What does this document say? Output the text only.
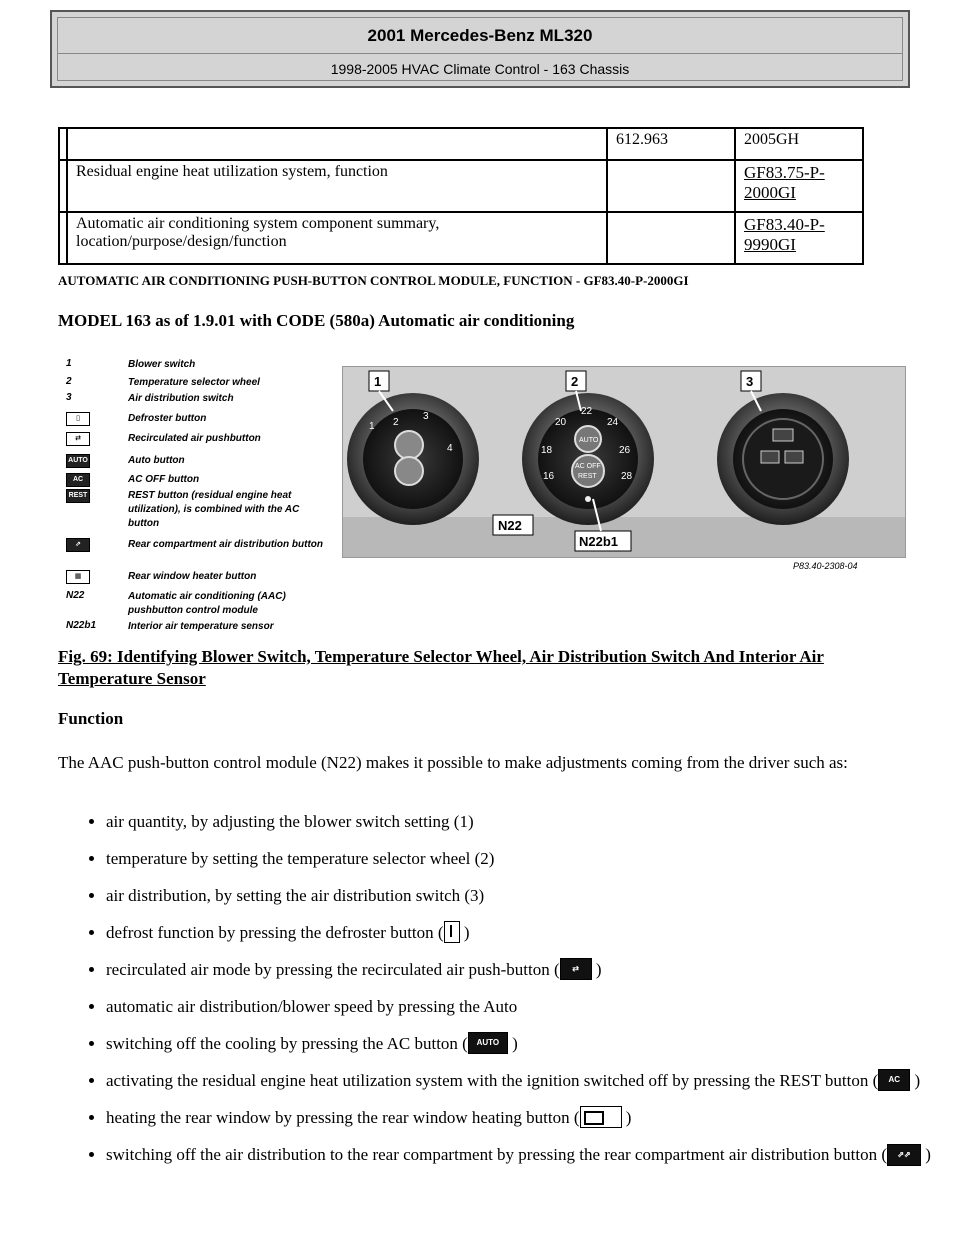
2001 Mercedes-Benz ML320
1998-2005 HVAC Climate Control - 163 Chassis
		612.963	2005GH
	Residual engine heat utilization system, function		GF83.75-P-2000GI
	Automatic air conditioning system component summary, location/purpose/design/function		GF83.40-P-9990GI
AUTOMATIC AIR CONDITIONING PUSH-BUTTON CONTROL MODULE, FUNCTION - GF83.40-P-2000GI
MODEL 163 as of 1.9.01 with CODE (580a) Automatic air conditioning
1	Blower switch
2	Temperature selector wheel
3	Air distribution switch
▯	Defroster button
⇄	Recirculated air pushbutton
AUTO	Auto button
AC	AC OFF button
REST	REST button (residual engine heat utilization), is combined with the AC button
⇗	Rear compartment air distribution button
▦	Rear window heater button
N22	Automatic air conditioning (AAC) pushbutton control module
N22b1	Interior air temperature sensor
2
3
4
1
AUTO
AC OFF
REST
22
24
20
26
18
28
16
1	2	3
N22
N22b1
P83.40-2308-04
Fig. 69: Identifying Blower Switch, Temperature Selector Wheel, Air Distribution Switch And Interior Air Temperature Sensor
Function
The AAC push-button control module (N22) makes it possible to make adjustments coming from the driver such as:
• air quantity, by adjusting the blower switch setting (1)
• temperature by setting the temperature selector wheel (2)
• air distribution, by setting the air distribution switch (3)
• defrost function by pressing the defroster button ( )
• recirculated air mode by pressing the recirculated air push-button (	⇄ )
• automatic air distribution/blower speed by pressing the Auto
• switching off the cooling by pressing the AC button (	AUTO )
• activating the residual engine heat utilization system with the ignition switched off by pressing the REST button (	AC )
• heating the rear window by pressing the rear window heating button ( )
• switching off the air distribution to the rear compartment by pressing the rear compartment air distribution button (	⇗⇗ )
